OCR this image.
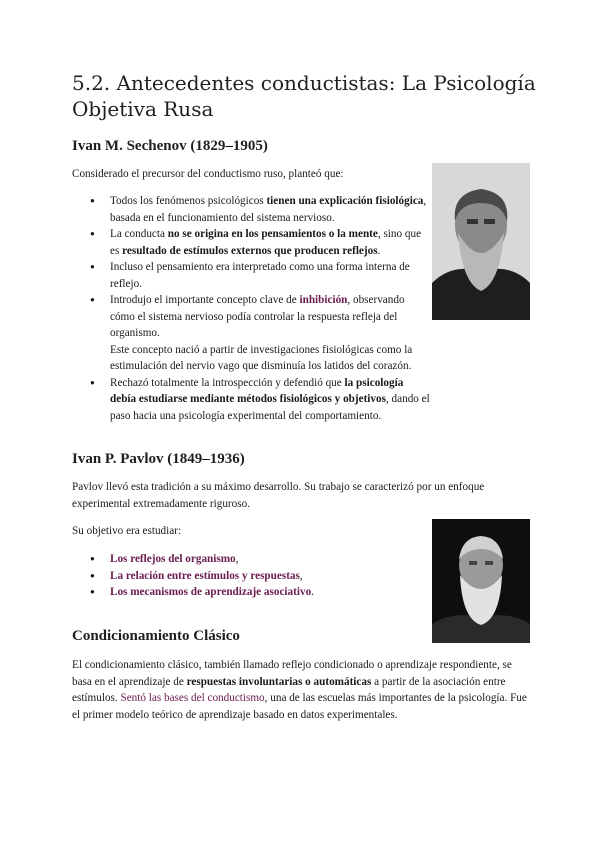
5.2. Antecedentes conductistas: La Psicología Objetiva Rusa
Ivan M. Sechenov (1829–1905)

Considerado el precursor del conductismo ruso, planteó que:

● Todos los fenómenos psicológicos tienen una explicación fisiológica, basada en el funcionamiento del sistema nervioso.
● La conducta no se origina en los pensamientos o la mente, sino que es resultado de estímulos externos que producen reflejos.
● Incluso el pensamiento era interpretado como una forma interna de reflejo.
● Introdujo el importante concepto clave de inhibición, observando cómo el sistema nervioso podía controlar la respuesta refleja del organismo.
Este concepto nació a partir de investigaciones fisiológicas como la estimulación del nervio vago que disminuía los latidos del corazón.
● Rechazó totalmente la introspección y defendió que la psicología debía estudiarse mediante métodos fisiológicos y objetivos, dando el paso hacia una psicología experimental del comportamiento.
Ivan P. Pavlov (1849–1936)

Pavlov llevó esta tradición a su máximo desarrollo. Su trabajo se caracterizó por un enfoque experimental extremadamente riguroso.

Su objetivo era estudiar:

● Los reflejos del organismo,
● La relación entre estímulos y respuestas,
● Los mecanismos de aprendizaje asociativo.
Condicionamiento Clásico

El condicionamiento clásico, también llamado reflejo condicionado o aprendizaje respondiente, se basa en el aprendizaje de respuestas involuntarias o automáticas a partir de la asociación entre estímulos. Sentó las bases del conductismo, una de las escuelas más importantes de la psicología. Fue el primer modelo teórico de aprendizaje basado en datos experimentales.
